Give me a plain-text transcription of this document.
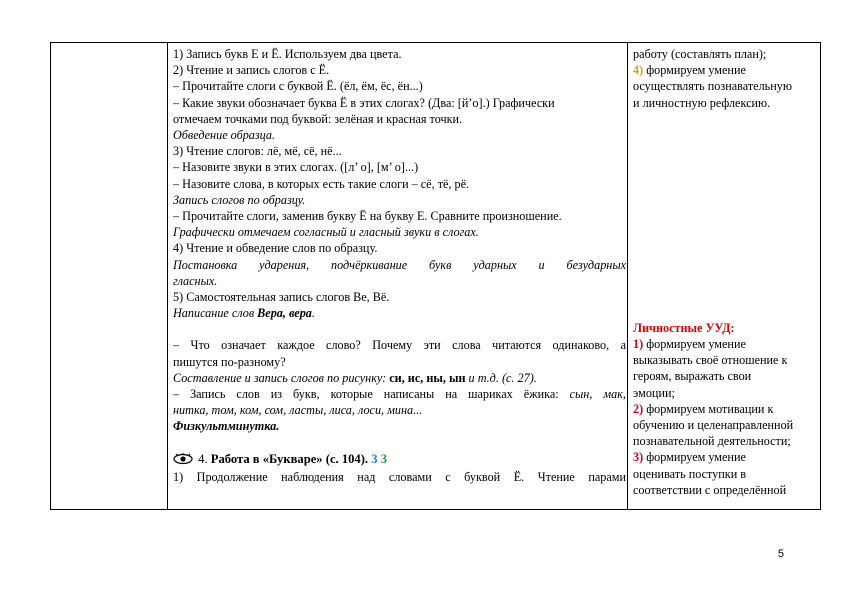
1) Запись букв Е и Ё. Используем два цвета.
2) Чтение и запись слогов с Ё.
– Прочитайте слоги с буквой Ё. (ёл, ём, ёс, ён...)
– Какие звуки обозначает буква Ё в этих слогах? (Два: [й’о].) Графически
отмечаем точками под буквой: зелёная и красная точки.
Обведение образца.
3) Чтение слогов: лё, мё, сё, нё...
– Назовите звуки в этих слогах. ([л’ о], [м’ о]...)
– Назовите слова, в которых есть такие слоги – сё, тё, рё.
Запись слогов по образцу.
– Прочитайте слоги, заменив букву Ё на букву Е. Сравните произношение.
Графически отмечаем согласный и гласный звуки в слогах.
4) Чтение и обведение слов по образцу.
Постановка ударения, подчёркивание букв ударных и безударных
гласных.
5) Самостоятельная запись слогов Ве, Вё.
Написание слов Вера, вера.
– Что означает каждое слово? Почему эти слова читаются одинаково, а
пишутся по-разному?
Составление и запись слогов по рисунку: си, ис, ны, ын и т.д. (с. 27).
– Запись слов из букв, которые написаны на шариках ёжика: сын, мак,
нитка, том, ком, сом, ласты, лиса, лоси, мина...
Физкультминутка.
4. Работа в «Букваре» (с. 104). 3 3
1) Продолжение наблюдения над словами с буквой Ё. Чтение парами
работу (составлять план);
4) формируем умение
осуществлять познавательную
и личностную рефлексию.
Личностные УУД:
1) формируем умение
выказывать своё отношение к
героям, выражать свои
эмоции;
2) формируем мотивации к
обучению и целенаправленной
познавательной деятельности;
3) формируем умение
оценивать поступки в
соответствии с определённой
5
